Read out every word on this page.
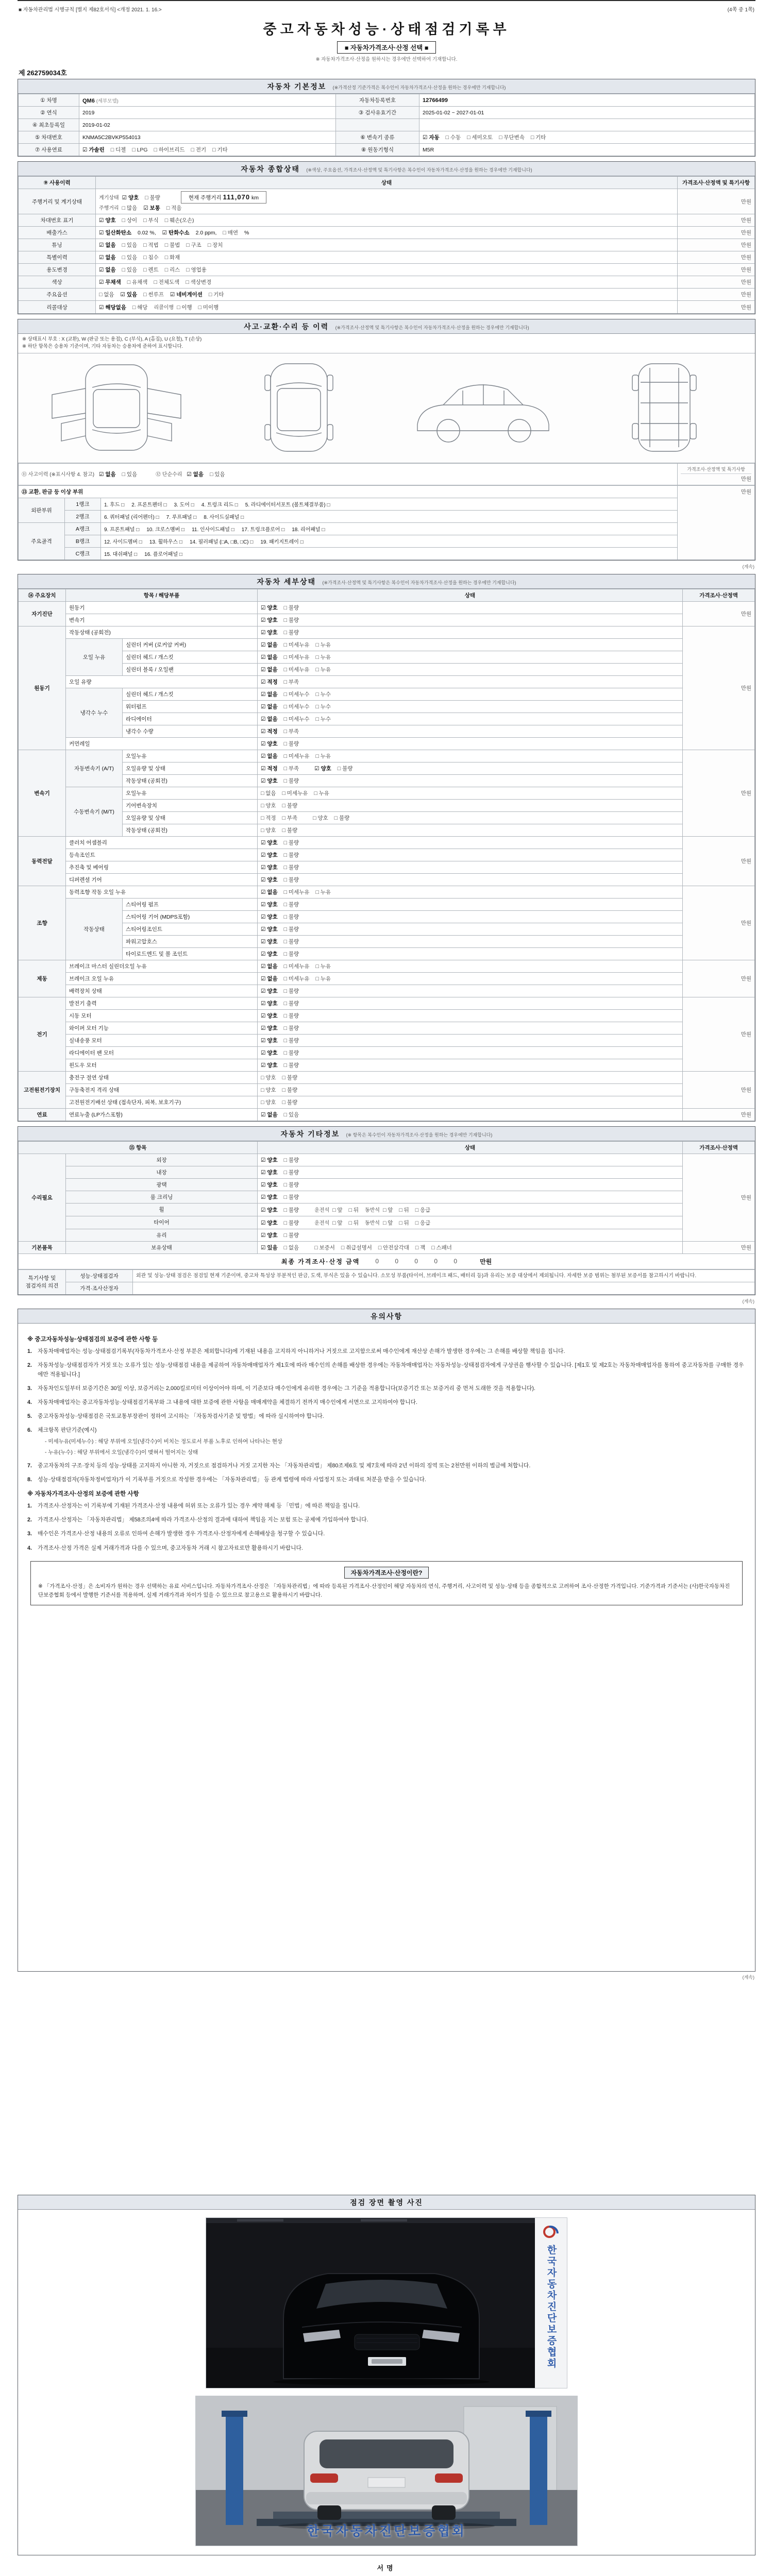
■ 자동차관리법 시행규칙 [별지 제82호서식] <개정 2021. 1. 16.>	(4쪽 중 1쪽)
중고자동차성능·상태점검기록부
■ 자동차가격조사·산정 선택 ■
※ 자동차가격조사·산정을 원하시는 경우에만 선택하여 기재합니다.
제 262759034호
자동차 기본정보 (※가격산정 기준가격은 복수인이 자동차가격조사·산정을 원하는 경우에만 기재합니다)
① 차명	QM6 (세부모델)	자동차등록번호	12766499
② 연식	2019	③ 검사유효기간	2025-01-02 ~ 2027-01-01
④ 최초등록일	2019-01-02		
⑤ 차대번호	KNMA5C2BVKP554013	⑥ 변속기 종류	☑ 자동 □ 수동 □ 세미오토 □ 무단변속 □ 기타
⑦ 사용연료	☑ 가솔린 □ 디젤 □ LPG □ 하이브리드 □ 전기 □ 기타	⑧ 원동기형식	M5R
자동차 종합상태 (※색상, 주요옵션, 가격조사·산정액 및 특기사항은 복수인이 자동차가격조사·산정을 원하는 경우에만 기재합니다)
⑨ 사용이력	상태	가격조사·산정액 및 특기사항
주행거리 및 계기상태	계기상태 ☑ 양호 □ 불량 현재 주행거리 111,070 km
주행거리 □ 많음 ☑ 보통 □ 적음	만원
차대번호 표기	☑ 양호 □ 상이 □ 부식 □ 훼손(오손)	만원
배출가스	☑ 일산화탄소 0.02 %, ☑ 탄화수소 2.0 ppm, □ 매연 %	만원
튜닝	☑ 없음 □ 있음 □ 적법 □ 불법 □ 구조 □ 장치	만원
특별이력	☑ 없음 □ 있음 □ 침수 □ 화재	만원
용도변경	☑ 없음 □ 있음 □ 렌트 □ 리스 □ 영업용	만원
색상	☑ 무채색 □ 유채색 □ 전체도색 □ 색상변경	만원
주요옵션	□ 없음 ☑ 있음 □ 썬루프 ☑ 네비게이션 □ 기타	만원
리콜대상	☑ 해당없음 □ 해당 리콜이행 □ 이행 □ 미이행	만원
사고·교환·수리 등 이력 (※가격조사·산정액 및 특기사항은 복수인이 자동차가격조사·산정을 원하는 경우에만 기재합니다)
※ 상태표시 부호 : X (교환), W (판금 또는 용접), C (부식), A (흠집), U (요철), T (손상)
※ 하단 항목은 승용차 기준이며, 기타 자동차는 승용차에 준하여 표시합니다.
⑪ 사고이력 (※표시사항 4. 참고) ☑ 없음 □ 있음	⑫ 단순수리 ☑ 없음 □ 있음	
가격조사·산정액 및 특기사항
만원
⑬ 교환, 판금 등 이상 부위			만원
외판부위	1랭크	1. 후드 □ 2. 프론트펜더 □ 3. 도어 □ 4. 트렁크 리드 □ 5. 라디에이터서포트 (볼트체결부품) □	
	2랭크	6. 쿼터패널 (리어펜더) □ 7. 루프패널 □ 8. 사이드실패널 □	
주요골격	A랭크	9. 프론트패널 □ 10. 크로스멤버 □ 11. 인사이드패널 □ 17. 트렁크플로어 □ 18. 리어패널 □	
	B랭크	12. 사이드멤버 □ 13. 휠하우스 □ 14. 필러패널 (□A, □B, □C) □ 19. 패키지트레이 □	
	C랭크	15. 대쉬패널 □ 16. 플로어패널 □	
(계속)
자동차 세부상태 (※가격조사·산정액 및 특기사항은 복수인이 자동차가격조사·산정을 원하는 경우에만 기재합니다)
⑭ 주요장치	항목 / 해당부품		상태	가격조사·산정액
자기진단	원동기		☑ 양호 □ 불량	만원
	변속기		☑ 양호 □ 불량	
원동기	작동상태 (공회전)		☑ 양호 □ 불량	만원
	오일 누유	실린더 커버 (로커암 커버)	☑ 없음 □ 미세누유 □ 누유	
		실린더 헤드 / 개스킷	☑ 없음 □ 미세누유 □ 누유	
		실린더 블록 / 오일팬	☑ 없음 □ 미세누유 □ 누유	
	오일 유량		☑ 적정 □ 부족	
	냉각수 누수	실린더 헤드 / 개스킷	☑ 없음 □ 미세누수 □ 누수	
		워터펌프	☑ 없음 □ 미세누수 □ 누수	
		라디에이터	☑ 없음 □ 미세누수 □ 누수	
		냉각수 수량	☑ 적정 □ 부족	
	커먼레일		☑ 양호 □ 불량	
변속기	자동변속기 (A/T)	오일누유	☑ 없음 □ 미세누유 □ 누유	만원
		오일유량 및 상태	☑ 적정 □ 부족 ☑ 양호 □ 불량	
		작동상태 (공회전)	☑ 양호 □ 불량	
	수동변속기 (M/T)	오일누유	□ 없음 □ 미세누유 □ 누유	
		기어변속장치	□ 양호 □ 불량	
		오일유량 및 상태	□ 적정 □ 부족 □ 양호 □ 불량	
		작동상태 (공회전)	□ 양호 □ 불량	
동력전달	클러치 어셈블리		☑ 양호 □ 불량	만원
	등속조인트		☑ 양호 □ 불량	
	추진축 및 베어링		☑ 양호 □ 불량	
	디퍼렌셜 기어		☑ 양호 □ 불량	
조향	동력조향 작동 오일 누유		☑ 없음 □ 미세누유 □ 누유	만원
	작동상태	스티어링 펌프	☑ 양호 □ 불량	
		스티어링 기어 (MDPS포함)	☑ 양호 □ 불량	
		스티어링조인트	☑ 양호 □ 불량	
		파워고압호스	☑ 양호 □ 불량	
		타이로드엔드 및 볼 조인트	☑ 양호 □ 불량	
제동	브레이크 마스터 실린더오일 누유		☑ 없음 □ 미세누유 □ 누유	만원
	브레이크 오일 누유		☑ 없음 □ 미세누유 □ 누유	
	배력장치 상태		☑ 양호 □ 불량	
전기	발전기 출력		☑ 양호 □ 불량	만원
	시동 모터		☑ 양호 □ 불량	
	와이퍼 모터 기능		☑ 양호 □ 불량	
	실내송풍 모터		☑ 양호 □ 불량	
	라디에이터 팬 모터		☑ 양호 □ 불량	
	윈도우 모터		☑ 양호 □ 불량	
고전원전기장치	충전구 절연 상태		□ 양호 □ 불량	만원
	구동축전지 격리 상태		□ 양호 □ 불량	
	고전원전기배선 상태 (접속단자, 피복, 보호기구)		□ 양호 □ 불량	
연료	연료누출 (LP가스포함)		☑ 없음 □ 있음	만원
자동차 기타정보 (※ 항목은 복수인이 자동차가격조사·산정을 원하는 경우에만 기재합니다)
⑮ 항목		상태	가격조사·산정액
수리필요	외장	☑ 양호 □ 불량	만원
	내장	☑ 양호 □ 불량	
	광택	☑ 양호 □ 불량	
	룸 크리닝	☑ 양호 □ 불량	
	휠	☑ 양호 □ 불량 운전석 □ 앞 □ 뒤 동반석 □ 앞 □ 뒤 □ 응급	
	타이어	☑ 양호 □ 불량 운전석 □ 앞 □ 뒤 동반석 □ 앞 □ 뒤 □ 응급	
	유리	☑ 양호 □ 불량	
기본품목	보유상태	☑ 있음 □ 없음 □ 보증서 □ 취급설명서 □ 안전삼각대 □ 잭 □ 스패너	만원
최종 가격조사·산정 금액	0 0 0 0 0	만원
특기사항 및 점검자의 의견	성능·상태점검자	외관 및 성능·상태 점검은 점검일 현재 기준이며, 중고차 특성상 부분적인 판금, 도색, 부식은 있을 수 있습니다. 소모성 부품(타이어, 브레이크 패드, 배터리 등)과 유리는 보증 대상에서 제외됩니다. 자세한 보증 범위는 첨부된 보증서를 참고하시기 바랍니다.
	가격·조사산정자	
(계속)
유의사항
※ 중고자동차성능·상태점검의 보증에 관한 사항 등
1.	자동차매매업자는 성능·상태점검기록부(자동차가격조사·산정 부분은 제외합니다)에 기재된 내용을 고지하지 아니하거나 거짓으로 고지함으로써 매수인에게 재산상 손해가 발생한 경우에는 그 손해를 배상할 책임을 집니다.
2.	자동차성능·상태점검자가 거짓 또는 오류가 있는 성능·상태점검 내용을 제공하여 자동차매매업자가 제1호에 따라 매수인의 손해를 배상한 경우에는 자동차매매업자는 자동차성능·상태점검자에게 구상권을 행사할 수 있습니다. [제1호 및 제2호는 자동차매매업자를 통하여 중고자동차를 구매한 경우에만 적용됩니다.]
3.	자동차인도일부터 보증기간은 30일 이상, 보증거리는 2,000킬로미터 이상이어야 하며, 이 기준보다 매수인에게 유리한 경우에는 그 기준을 적용합니다(보증기간 또는 보증거리 중 먼저 도래한 것을 적용합니다).
4.	자동차매매업자는 중고자동차성능·상태점검기록부와 그 내용에 대한 보증에 관한 사항을 매매계약을 체결하기 전까지 매수인에게 서면으로 고지하여야 합니다.
5.	중고자동차성능·상태점검은 국토교통부장관이 정하여 고시하는 「자동차검사기준 및 방법」에 따라 실시하여야 합니다.
6.	체크항목 판단기준(예시)
- 미세누유(미세누수) : 해당 부위에 오일(냉각수)이 비치는 정도로서 부품 노후로 인하여 나타나는 현상
- 누유(누수) : 해당 부위에서 오일(냉각수)이 맺혀서 떨어지는 상태
7.	중고자동차의 구조·장치 등의 성능·상태를 고지하지 아니한 자, 거짓으로 점검하거나 거짓 고지한 자는 「자동차관리법」 제80조제6호 및 제7호에 따라 2년 이하의 징역 또는 2천만원 이하의 벌금에 처합니다.
8.	성능·상태점검자(자동차정비업자)가 이 기록부를 거짓으로 작성한 경우에는 「자동차관리법」 등 관계 법령에 따라 사업정지 또는 과태료 처분을 받을 수 있습니다.
※ 자동차가격조사·산정의 보증에 관한 사항
1.	가격조사·산정자는 이 기록부에 기재된 가격조사·산정 내용에 허위 또는 오류가 있는 경우 계약 해제 등 「민법」에 따른 책임을 집니다.
2.	가격조사·산정자는 「자동차관리법」 제58조의4에 따라 가격조사·산정의 결과에 대하여 책임을 지는 보험 또는 공제에 가입하여야 합니다.
3.	매수인은 가격조사·산정 내용의 오류로 인하여 손해가 발생한 경우 가격조사·산정자에게 손해배상을 청구할 수 있습니다.
4.	가격조사·산정 가격은 실제 거래가격과 다를 수 있으며, 중고자동차 거래 시 참고자료로만 활용하시기 바랍니다.
자동차가격조사·산정이란?

※ 「가격조사·산정」은 소비자가 원하는 경우 선택하는 유료 서비스입니다. 자동차가격조사·산정은 「자동차관리법」에 따라 등록된 가격조사·산정인이 해당 자동차의 연식, 주행거리, 사고이력 및 성능·상태 등을 종합적으로 고려하여 조사·산정한 가격입니다. 기준가격과 기준서는 (사)한국자동차진단보증협회 등에서 발행한 기준서를 적용하며, 실제 거래가격과 차이가 있을 수 있으므로 참고용으로 활용하시기 바랍니다.

(계속)
점검 장면 촬영 사진
한국자동차진단보증협회
한국자동차진단보증협회
서명
